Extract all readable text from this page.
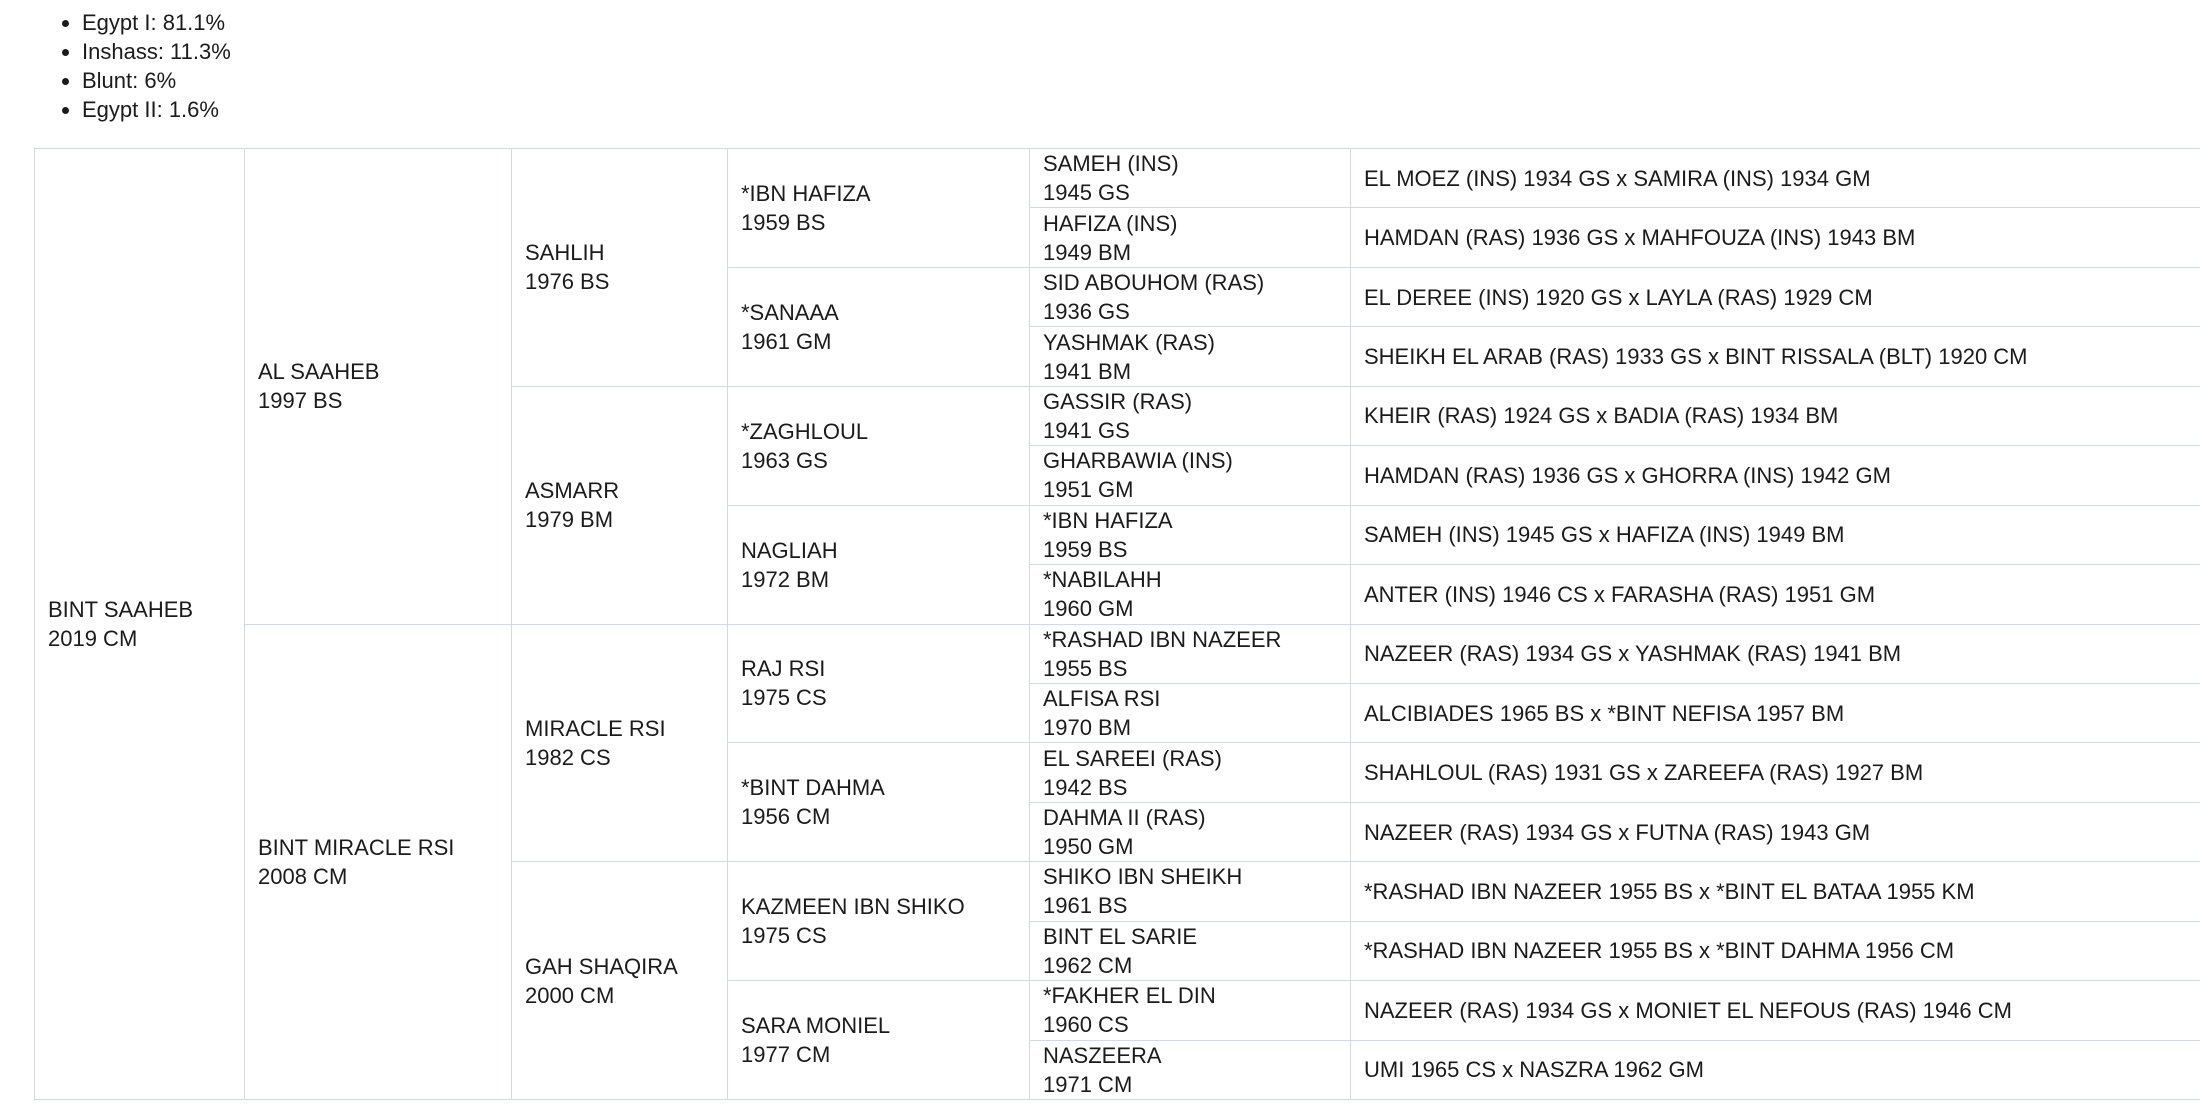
• Egypt I: 81.1%
• Inshass: 11.3%
• Blunt: 6%
• Egypt II: 1.6%
BINT SAAHEB
2019 CM	AL SAAHEB
1997 BS	SAHLIH
1976 BS	*IBN HAFIZA
1959 BS	SAMEH (INS)
1945 GS	EL MOEZ (INS) 1934 GS x SAMIRA (INS) 1934 GM

				HAFIZA (INS)
1949 BM	HAMDAN (RAS) 1936 GS x MAHFOUZA (INS) 1943 BM

			*SANAAA
1961 GM	SID ABOUHOM (RAS)
1936 GS	EL DEREE (INS) 1920 GS x LAYLA (RAS) 1929 CM

				YASHMAK (RAS)
1941 BM	SHEIKH EL ARAB (RAS) 1933 GS x BINT RISSALA (BLT) 1920 CM

		ASMARR
1979 BM	*ZAGHLOUL
1963 GS	GASSIR (RAS)
1941 GS	KHEIR (RAS) 1924 GS x BADIA (RAS) 1934 BM

				GHARBAWIA (INS)
1951 GM	HAMDAN (RAS) 1936 GS x GHORRA (INS) 1942 GM

			NAGLIAH
1972 BM	*IBN HAFIZA
1959 BS	SAMEH (INS) 1945 GS x HAFIZA (INS) 1949 BM

				*NABILAHH
1960 GM	ANTER (INS) 1946 CS x FARASHA (RAS) 1951 GM

	BINT MIRACLE RSI
2008 CM	MIRACLE RSI
1982 CS	RAJ RSI
1975 CS	*RASHAD IBN NAZEER
1955 BS	NAZEER (RAS) 1934 GS x YASHMAK (RAS) 1941 BM

				ALFISA RSI
1970 BM	ALCIBIADES 1965 BS x *BINT NEFISA 1957 BM

			*BINT DAHMA
1956 CM	EL SAREEI (RAS)
1942 BS	SHAHLOUL (RAS) 1931 GS x ZAREEFA (RAS) 1927 BM

				DAHMA II (RAS)
1950 GM	NAZEER (RAS) 1934 GS x FUTNA (RAS) 1943 GM

		GAH SHAQIRA
2000 CM	KAZMEEN IBN SHIKO
1975 CS	SHIKO IBN SHEIKH
1961 BS	*RASHAD IBN NAZEER 1955 BS x *BINT EL BATAA 1955 KM

				BINT EL SARIE
1962 CM	*RASHAD IBN NAZEER 1955 BS x *BINT DAHMA 1956 CM

			SARA MONIEL
1977 CM	*FAKHER EL DIN
1960 CS	NAZEER (RAS) 1934 GS x MONIET EL NEFOUS (RAS) 1946 CM

				NASZEERA
1971 CM	UMI 1965 CS x NASZRA 1962 GM
